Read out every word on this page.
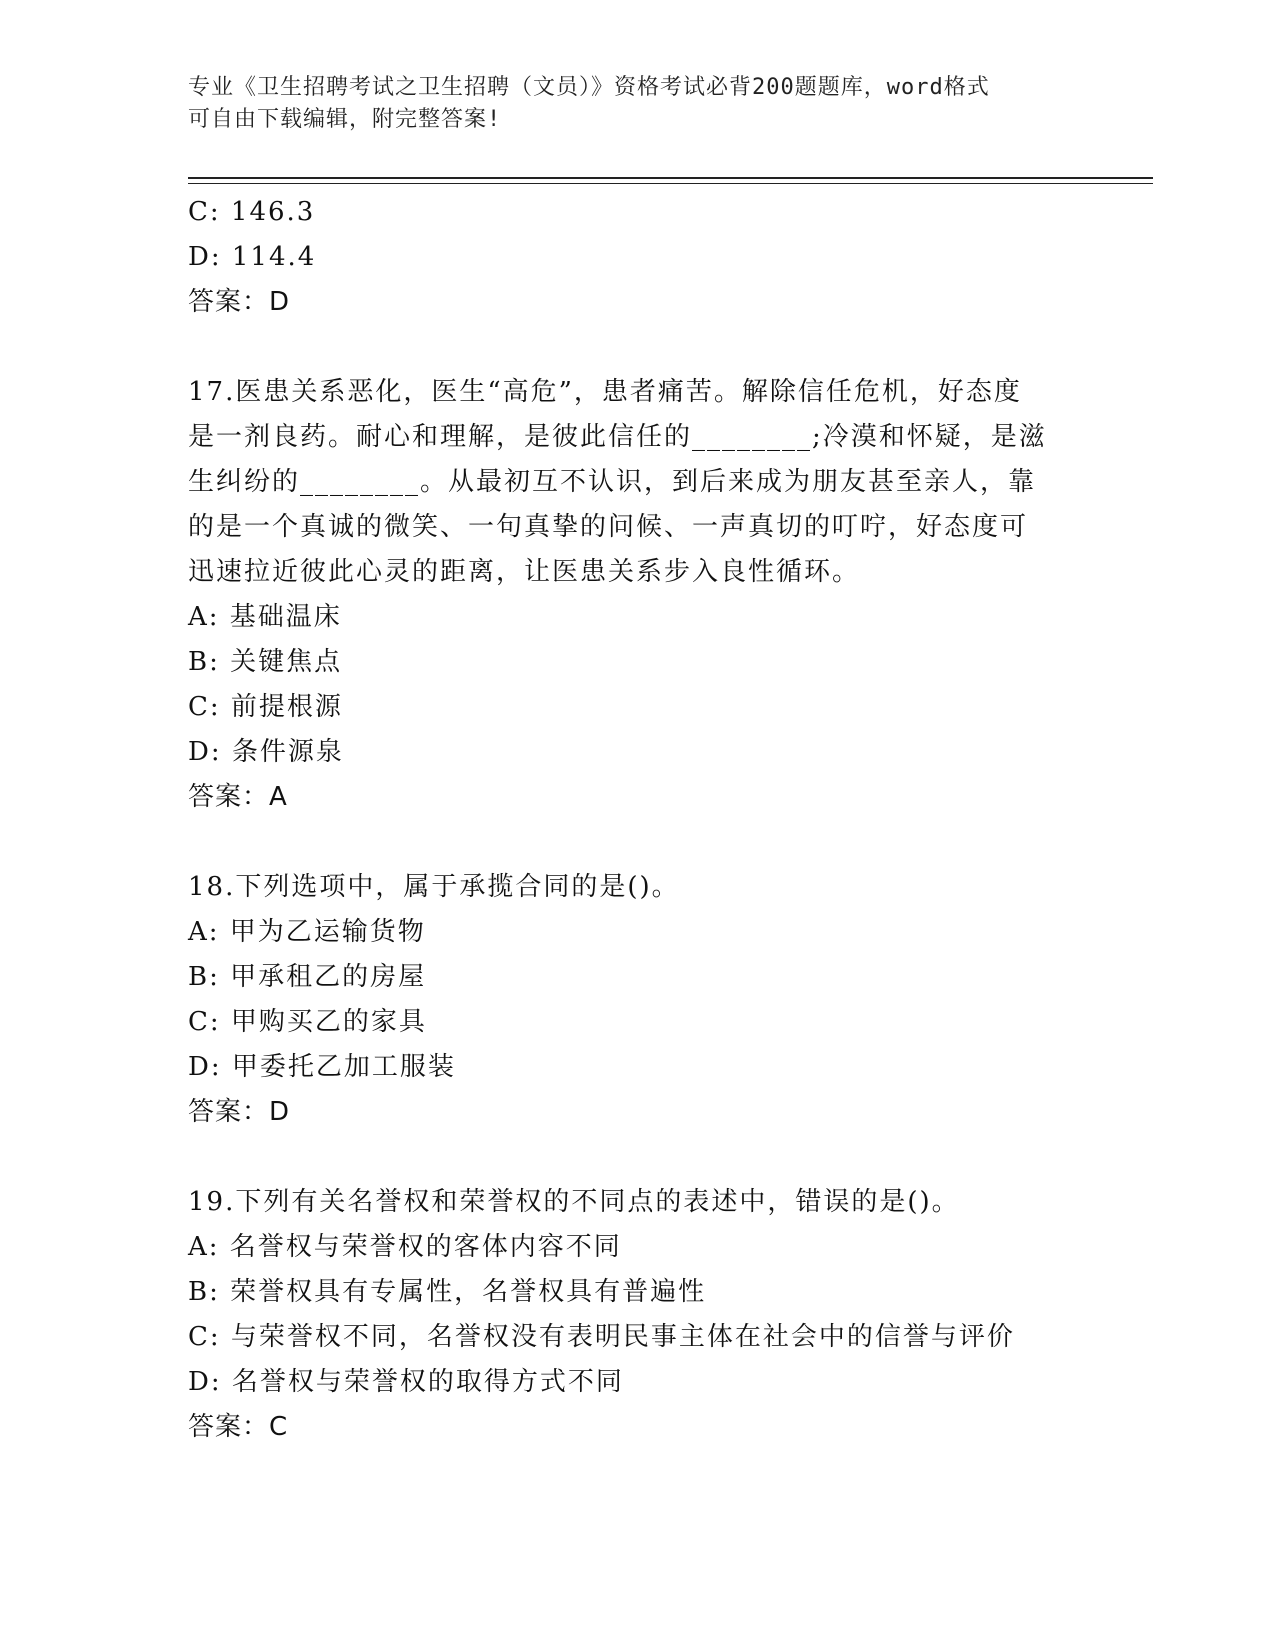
专业《卫生招聘考试之卫生招聘（文员）》资格考试必背200题题库，word格式
可自由下载编辑，附完整答案!

C: 146.3

D: 114.4

答案：D

17.医患关系恶化，医生“高危”，患者痛苦。解除信任危机，好态度

是一剂良药。耐心和理解，是彼此信任的________;冷漠和怀疑，是滋

生纠纷的________。从最初互不认识，到后来成为朋友甚至亲人，靠

的是一个真诚的微笑、一句真挚的问候、一声真切的叮咛，好态度可

迅速拉近彼此心灵的距离，让医患关系步入良性循环。

A: 基础温床

B: 关键焦点

C: 前提根源

D: 条件源泉

答案：A

18.下列选项中，属于承揽合同的是()。

A: 甲为乙运输货物

B: 甲承租乙的房屋

C: 甲购买乙的家具

D: 甲委托乙加工服装

答案：D

19.下列有关名誉权和荣誉权的不同点的表述中，错误的是()。

A: 名誉权与荣誉权的客体内容不同

B: 荣誉权具有专属性，名誉权具有普遍性

C: 与荣誉权不同，名誉权没有表明民事主体在社会中的信誉与评价

D: 名誉权与荣誉权的取得方式不同

答案：C
